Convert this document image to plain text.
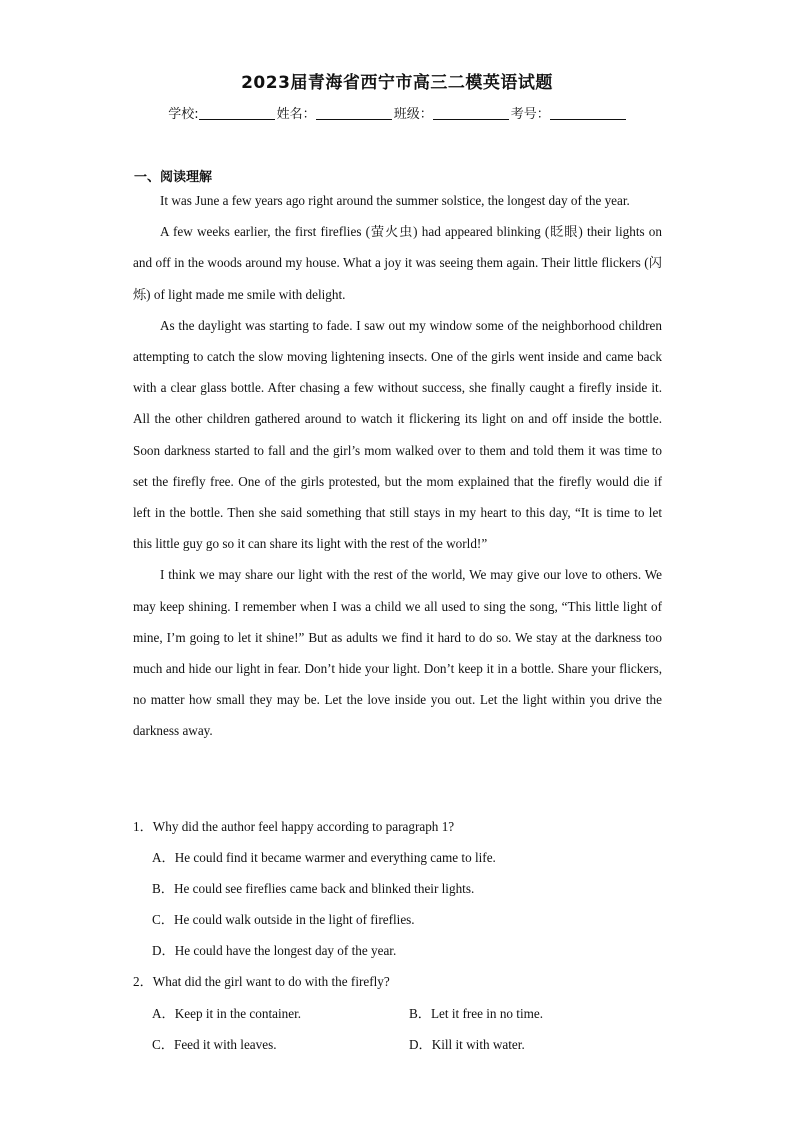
2023届青海省西宁市高三二模英语试题
学校:	姓名：	班级：	考号：
一、阅读理解

It was June a few years ago right around the summer solstice, the longest day of the year.

A few weeks earlier, the first fireflies (萤火虫) had appeared blinking (眨眼) their lights on and off in the woods around my house. What a joy it was seeing them again. Their little flickers (闪烁) of light made me smile with delight.

As the daylight was starting to fade. I saw out my window some of the neighborhood children attempting to catch the slow moving lightening insects. One of the girls went inside and came back with a clear glass bottle. After chasing a few without success, she finally caught a firefly inside it. All the other children gathered around to watch it flickering its light on and off inside the bottle. Soon darkness started to fall and the girl’s mom walked over to them and told them it was time to set the firefly free. One of the girls protested, but the mom explained that the firefly would die if left in the bottle. Then she said something that still stays in my heart to this day, “It is time to let this little guy go so it can share its light with the rest of the world!”

I think we may share our light with the rest of the world, We may give our love to others. We may keep shining. I remember when I was a child we all used to sing the song, “This little light of mine, I’m going to let it shine!” But as adults we find it hard to do so. We stay at the darkness too much and hide our light in fear. Don’t hide your light. Don’t keep it in a bottle. Share your flickers, no matter how small they may be. Let the love inside you out. Let the light within you drive the darkness away.

1．Why did the author feel happy according to paragraph 1?
A．He could find it became warmer and everything came to life.
B．He could see fireflies came back and blinked their lights.
C．He could walk outside in the light of fireflies.
D．He could have the longest day of the year.
2．What did the girl want to do with the firefly?
A．Keep it in the container.	B．Let it free in no time.
C．Feed it with leaves.	D．Kill it with water.
